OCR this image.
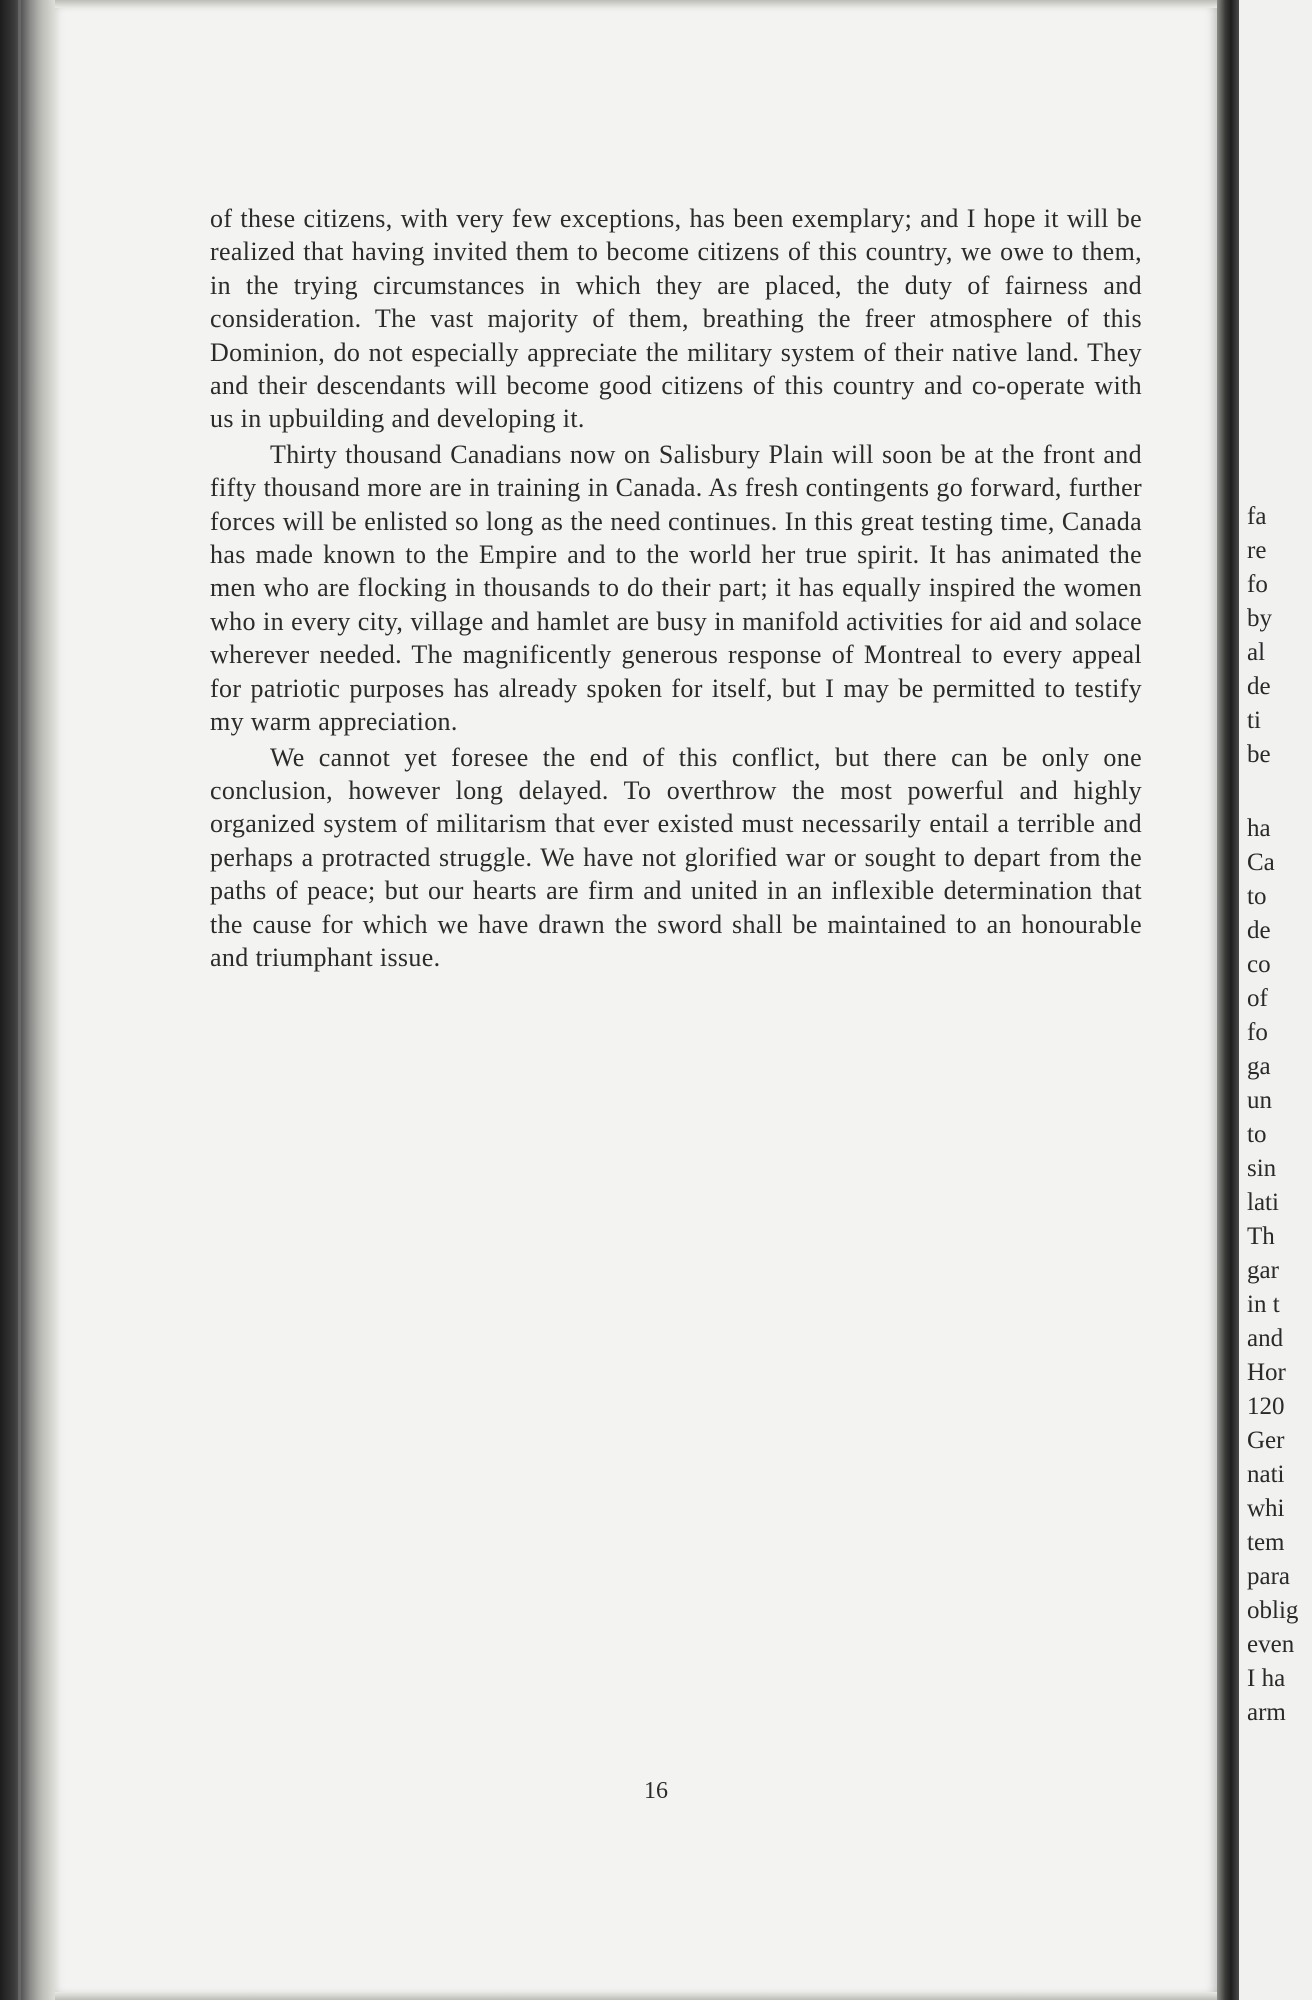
of these citizens, with very few exceptions, has been exemplary; and I hope it will be realized that having invited them to become citizens of this country, we owe to them, in the trying circumstances in which they are placed, the duty of fairness and consideration. The vast majority of them, breathing the freer atmosphere of this Dominion, do not especially appreciate the military system of their native land. They and their descendants will become good citizens of this country and co-operate with us in upbuilding and developing it.

Thirty thousand Canadians now on Salisbury Plain will soon be at the front and fifty thousand more are in training in Canada. As fresh contingents go forward, further forces will be enlisted so long as the need continues. In this great testing time, Canada has made known to the Empire and to the world her true spirit. It has animated the men who are flocking in thousands to do their part; it has equally inspired the women who in every city, village and hamlet are busy in manifold activities for aid and solace wherever needed. The magnificently generous response of Montreal to every appeal for patriotic purposes has already spoken for itself, but I may be permitted to testify my warm appreciation.

We cannot yet foresee the end of this conflict, but there can be only one conclusion, however long delayed. To overthrow the most powerful and highly organized system of militarism that ever existed must necessarily entail a terrible and perhaps a protracted struggle. We have not glorified war or sought to depart from the paths of peace; but our hearts are firm and united in an inflexible determination that the cause for which we have drawn the sword shall be maintained to an honourable and triumphant issue.

16
fa
re
fo
by
al
de
ti
be
ha
Ca
to
de
co
of
fo
ga
un
to
sin
lati
Th
gar
in t
and
Hor
120
Ger
nati
whi
tem
para
oblig
even
I ha
arm
